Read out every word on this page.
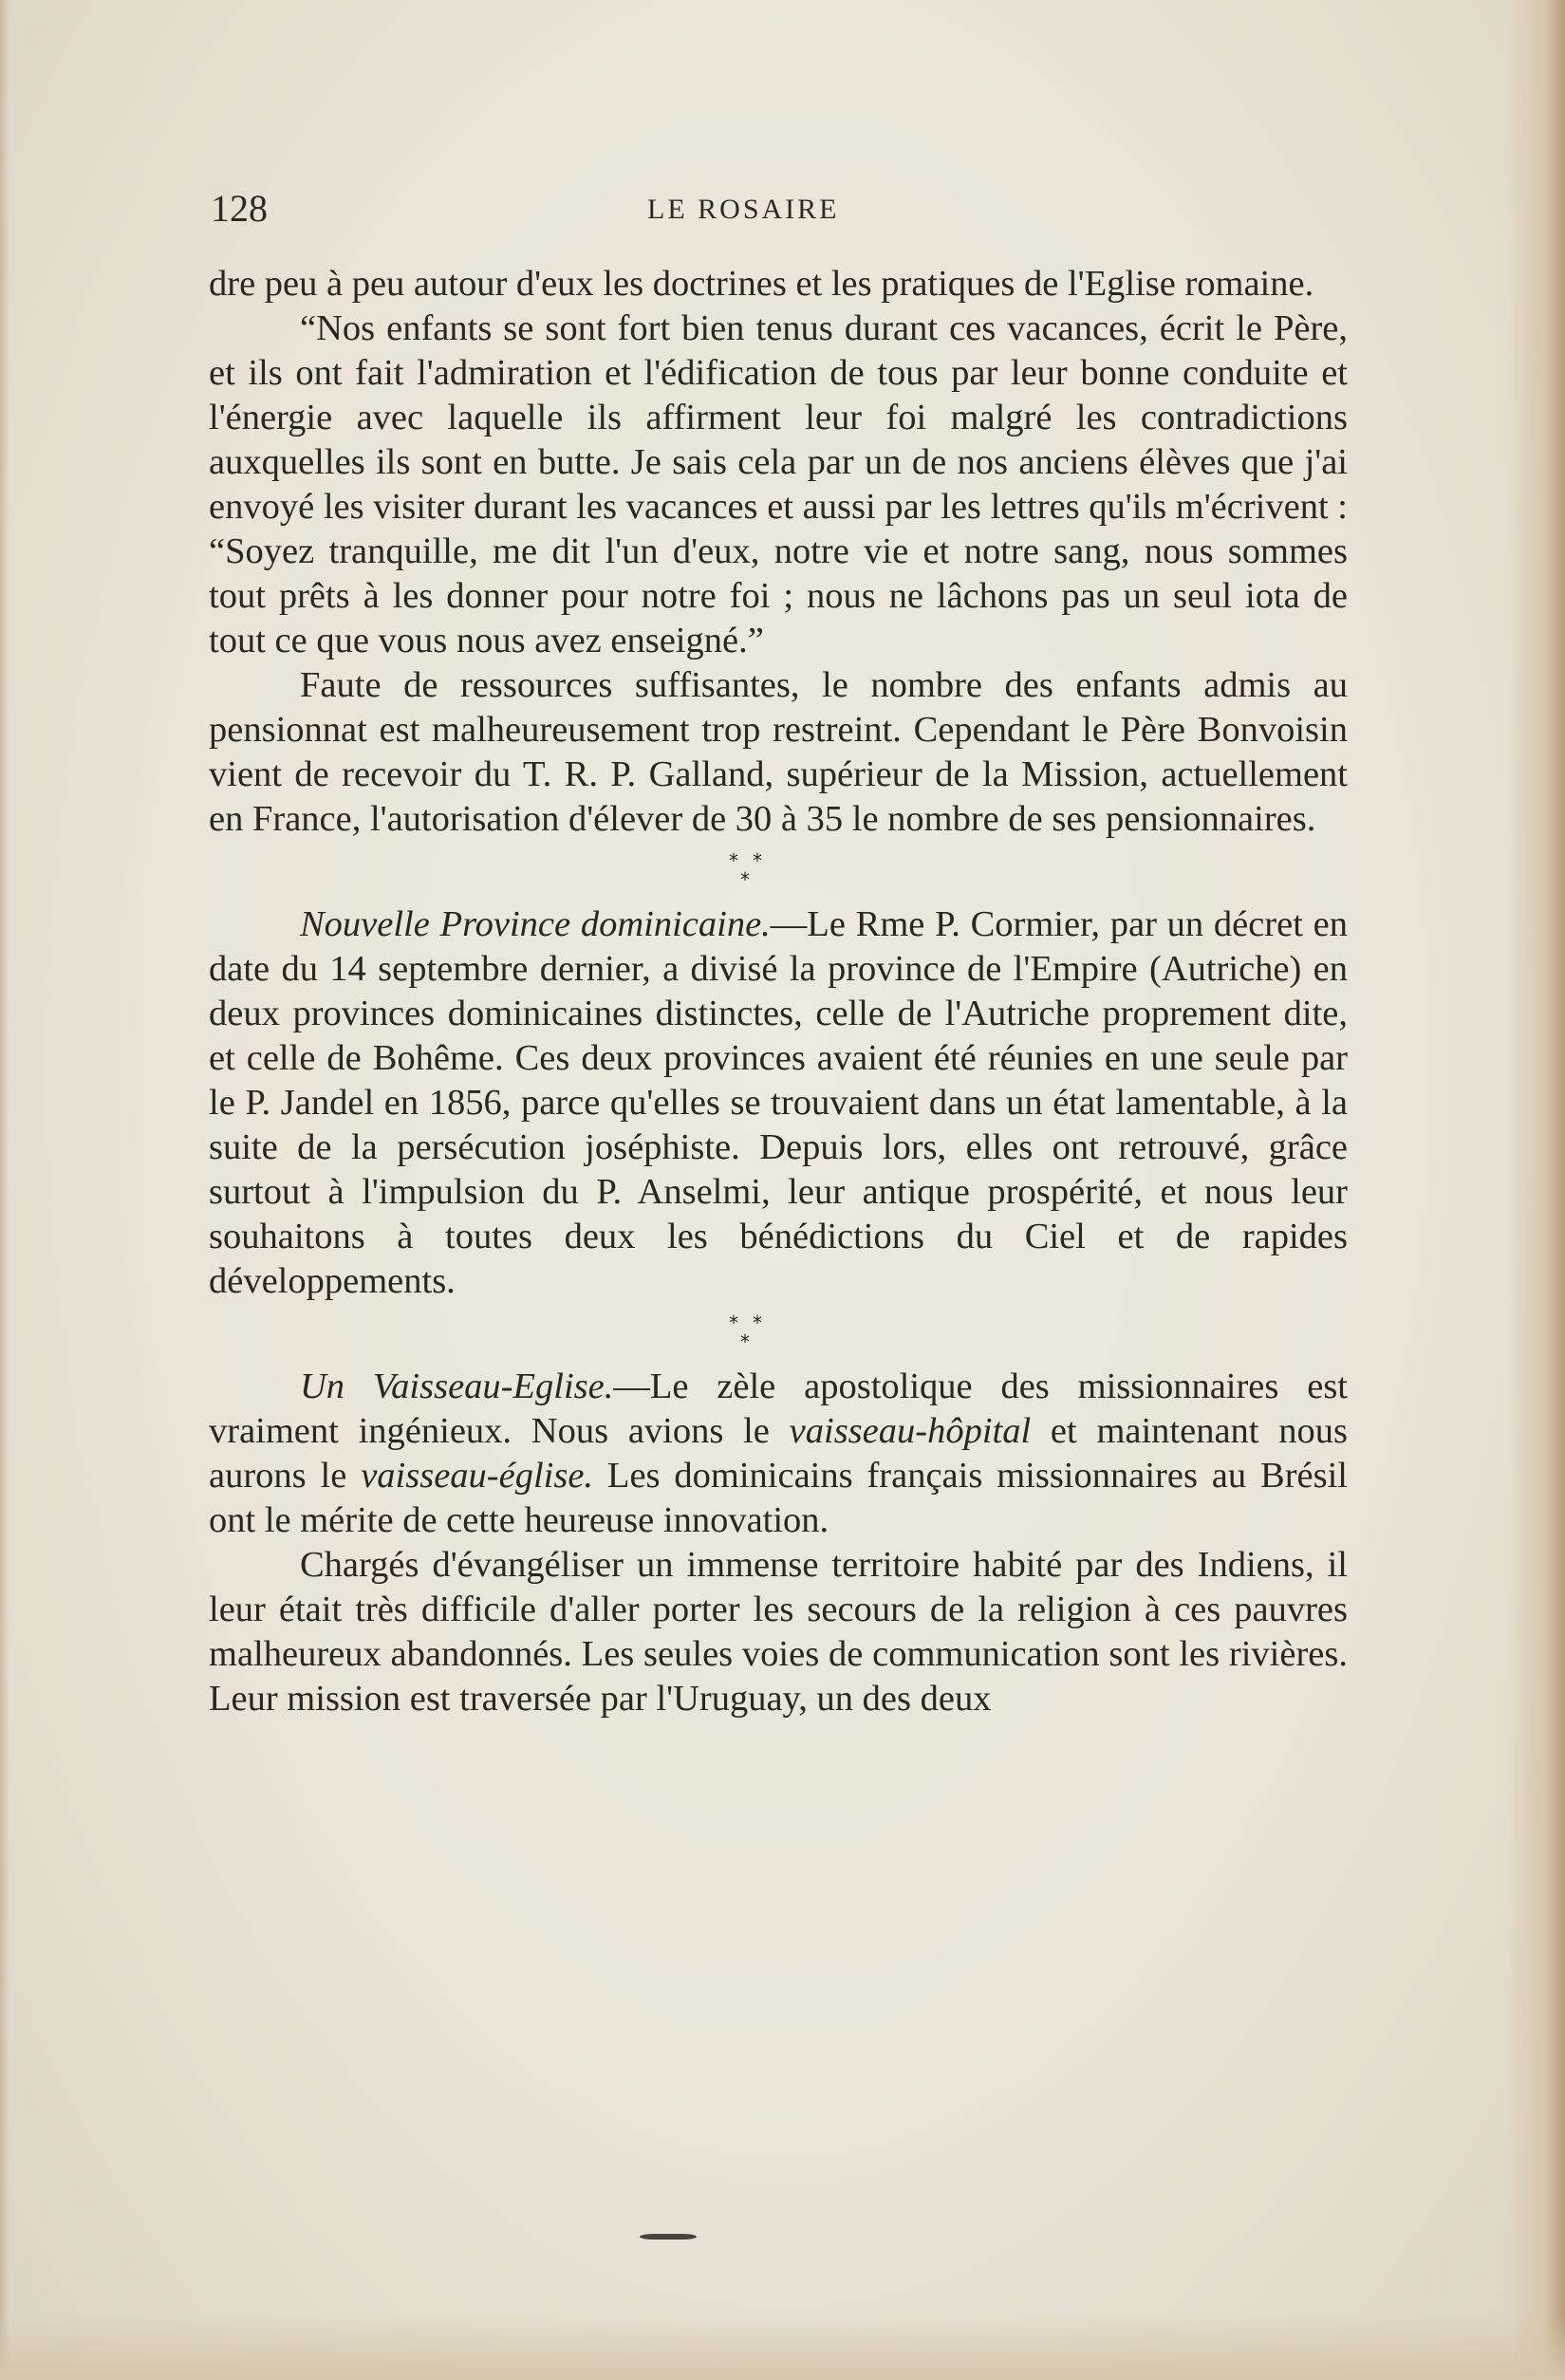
128	LE ROSAIRE

dre peu à peu autour d'eux les doctrines et les pratiques de l'Eglise romaine.

“Nos enfants se sont fort bien tenus durant ces vacances, écrit le Père, et ils ont fait l'admiration et l'édification de tous par leur bonne conduite et l'énergie avec laquelle ils affirment leur foi malgré les contradictions auxquelles ils sont en butte. Je sais cela par un de nos anciens élèves que j'ai envoyé les visiter durant les vacances et aussi par les lettres qu'ils m'écrivent : “Soyez tranquille, me dit l'un d'eux, notre vie et notre sang, nous sommes tout prêts à les donner pour notre foi ; nous ne lâchons pas un seul iota de tout ce que vous nous avez enseigné.”

Faute de ressources suffisantes, le nombre des enfants admis au pensionnat est malheureusement trop restreint. Cependant le Père Bonvoisin vient de recevoir du T. R. P. Galland, supérieur de la Mission, actuellement en France, l'autorisation d'élever de 30 à 35 le nombre de ses pensionnaires.

* *
*

Nouvelle Province dominicaine.—Le Rme P. Cormier, par un décret en date du 14 septembre dernier, a divisé la province de l'Empire (Autriche) en deux provinces dominicaines distinctes, celle de l'Autriche proprement dite, et celle de Bohême. Ces deux provinces avaient été réunies en une seule par le P. Jandel en 1856, parce qu'elles se trouvaient dans un état lamentable, à la suite de la persécution joséphiste. Depuis lors, elles ont retrouvé, grâce surtout à l'impulsion du P. Anselmi, leur antique prospérité, et nous leur souhaitons à toutes deux les bénédictions du Ciel et de rapides développements.

* *
*

Un Vaisseau-Eglise.—Le zèle apostolique des missionnaires est vraiment ingénieux. Nous avions le vaisseau-hôpital et maintenant nous aurons le vaisseau-église. Les dominicains français missionnaires au Brésil ont le mérite de cette heureuse innovation.

Chargés d'évangéliser un immense territoire habité par des Indiens, il leur était très difficile d'aller porter les secours de la religion à ces pauvres malheureux abandonnés. Les seules voies de communication sont les rivières. Leur mission est traversée par l'Uruguay, un des deux
